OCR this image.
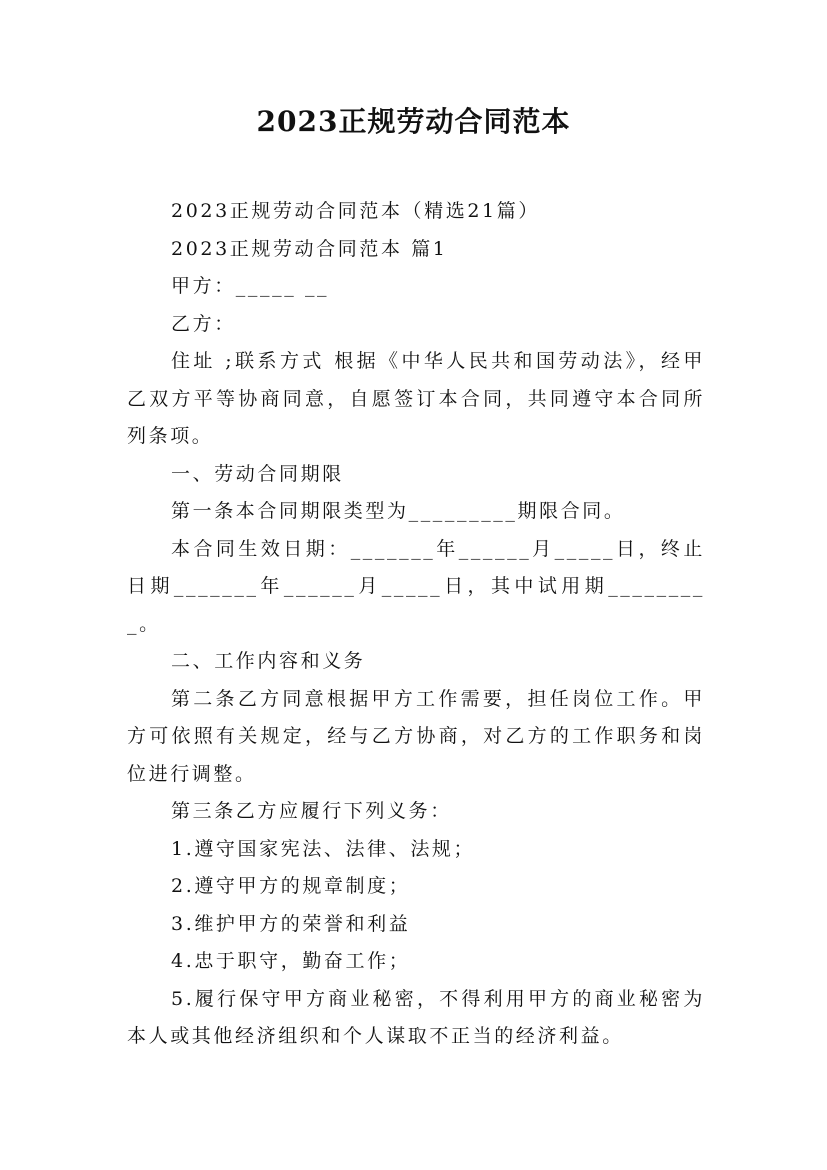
2023正规劳动合同范本

2023正规劳动合同范本（精选21篇）

2023正规劳动合同范本 篇1

甲方：_____ __

乙方：

住址 ;联系方式 根据《中华人民共和国劳动法》，经甲乙双方平等协商同意，自愿签订本合同，共同遵守本合同所列条项。

一、劳动合同期限

第一条本合同期限类型为_________期限合同。

本合同生效日期：_______年______月_____日，终止日期_______年______月_____日，其中试用期_________。

二、工作内容和义务

第二条乙方同意根据甲方工作需要，担任岗位工作。甲方可依照有关规定，经与乙方协商，对乙方的工作职务和岗位进行调整。

第三条乙方应履行下列义务：

1.遵守国家宪法、法律、法规；

2.遵守甲方的规章制度；

3.维护甲方的荣誉和利益

4.忠于职守，勤奋工作；

5.履行保守甲方商业秘密，不得利用甲方的商业秘密为本人或其他经济组织和个人谋取不正当的经济利益。
